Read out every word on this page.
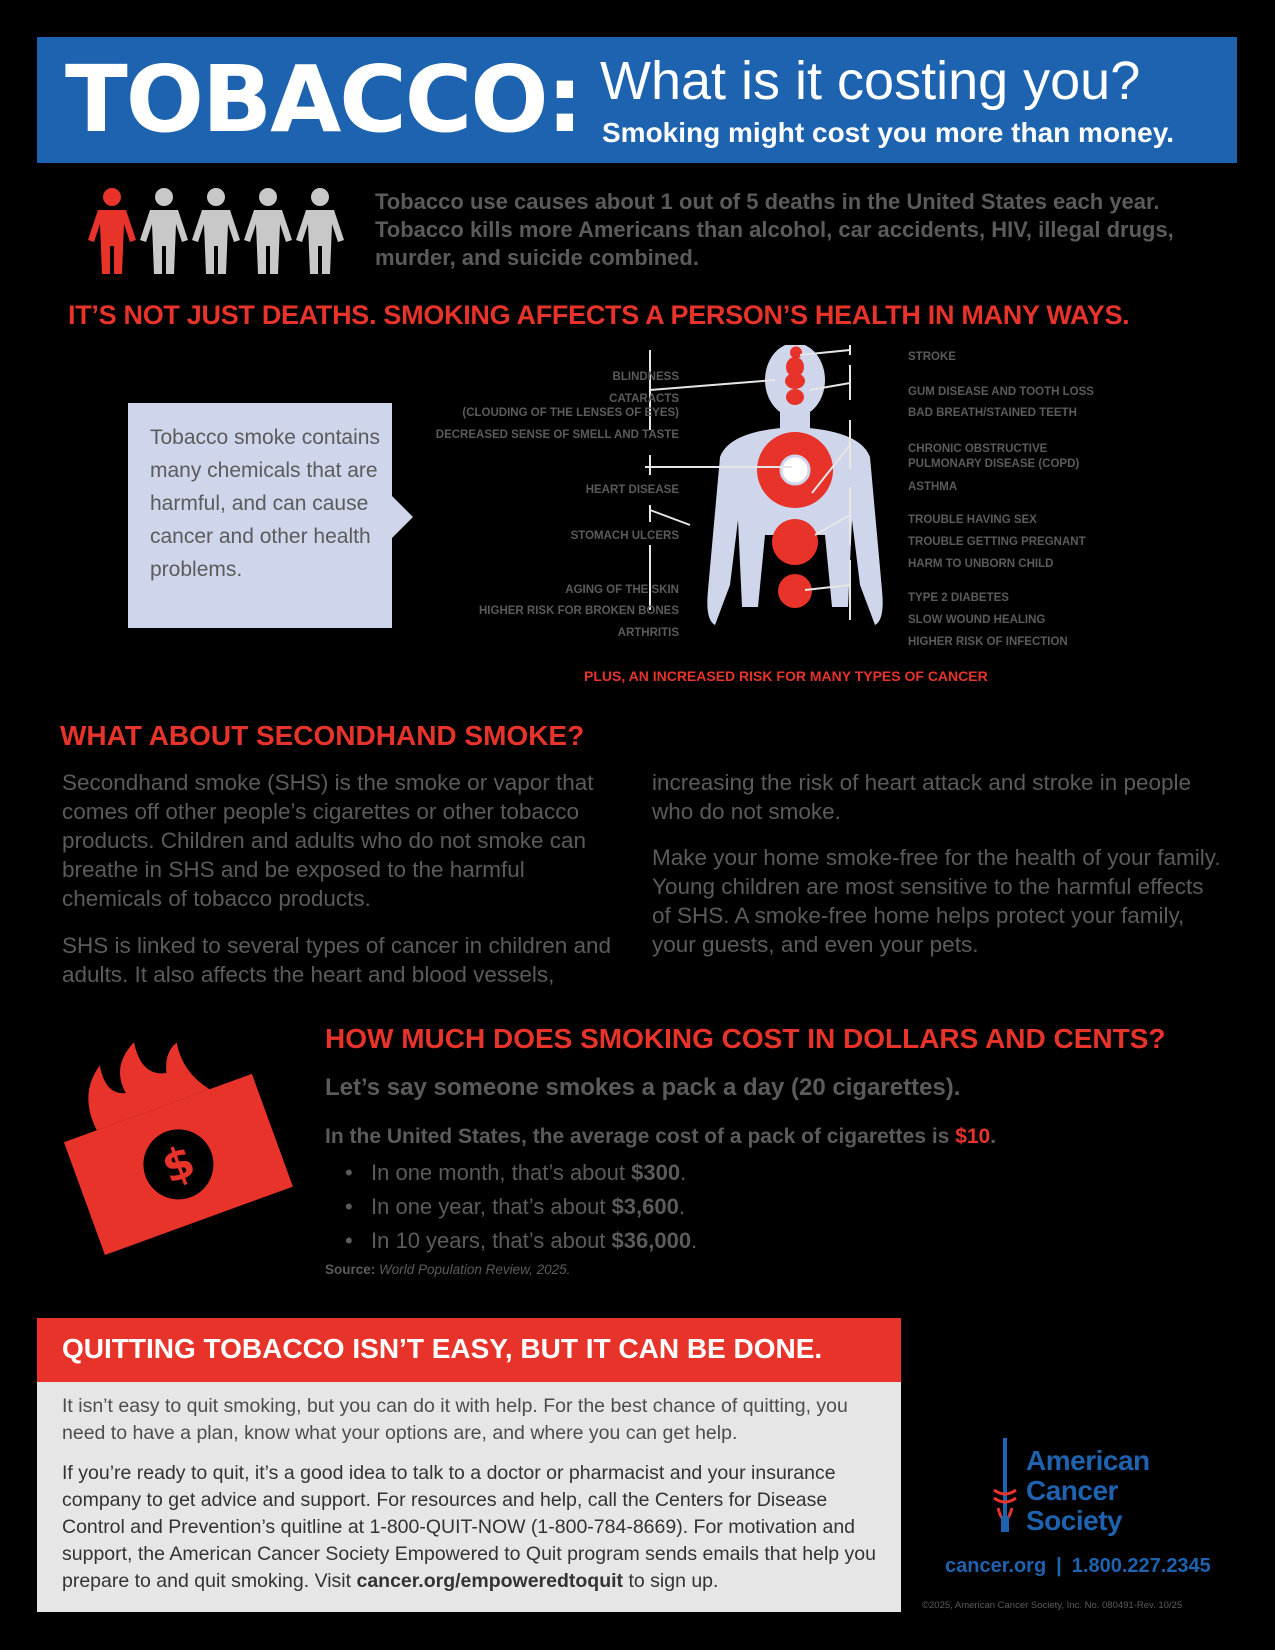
TOBACCO: What is it costing you?
Smoking might cost you more than money.
Tobacco use causes about 1 out of 5 deaths in the United States each year. Tobacco kills more Americans than alcohol, car accidents, HIV, illegal drugs, murder, and suicide combined.
IT’S NOT JUST DEATHS. SMOKING AFFECTS A PERSON’S HEALTH IN MANY WAYS.
Tobacco smoke contains many chemicals that are harmful, and can cause cancer and other health problems.
BLINDNESS
CATARACTS
(CLOUDING OF THE LENSES OF EYES)
DECREASED SENSE OF SMELL AND TASTE
HEART DISEASE
STOMACH ULCERS
AGING OF THE SKIN
HIGHER RISK FOR BROKEN BONES
ARTHRITIS
STROKE
GUM DISEASE AND TOOTH LOSS
BAD BREATH/STAINED TEETH
CHRONIC OBSTRUCTIVE
PULMONARY DISEASE (COPD)
ASTHMA
TROUBLE HAVING SEX
TROUBLE GETTING PREGNANT
HARM TO UNBORN CHILD
TYPE 2 DIABETES
SLOW WOUND HEALING
HIGHER RISK OF INFECTION
PLUS, AN INCREASED RISK FOR MANY TYPES OF CANCER
WHAT ABOUT SECONDHAND SMOKE?
Secondhand smoke (SHS) is the smoke or vapor that comes off other people’s cigarettes or other tobacco products. Children and adults who do not smoke can breathe in SHS and be exposed to the harmful chemicals of tobacco products.
SHS is linked to several types of cancer in children and adults. It also affects the heart and blood vessels,
increasing the risk of heart attack and stroke in people who do not smoke.
Make your home smoke-free for the health of your family. Young children are most sensitive to the harmful effects of SHS. A smoke-free home helps protect your family, your guests, and even your pets.
$
HOW MUCH DOES SMOKING COST IN DOLLARS AND CENTS?
Let’s say someone smokes a pack a day (20 cigarettes).
In the United States, the average cost of a pack of cigarettes is $10.
• In one month, that’s about $300.
• In one year, that’s about $3,600.
• In 10 years, that’s about $36,000.
Source: World Population Review, 2025.
QUITTING TOBACCO ISN’T EASY, BUT IT CAN BE DONE.
It isn’t easy to quit smoking, but you can do it with help. For the best chance of quitting, you need to have a plan, know what your options are, and where you can get help.
If you’re ready to quit, it’s a good idea to talk to a doctor or pharmacist and your insurance company to get advice and support. For resources and help, call the Centers for Disease Control and Prevention’s quitline at 1-800-QUIT-NOW (1-800-784-8669). For motivation and support, the American Cancer Society Empowered to Quit program sends emails that help you prepare to and quit smoking. Visit cancer.org/empoweredtoquit to sign up.
American
Cancer
Society
cancer.org | 1.800.227.2345
©2025, American Cancer Society, Inc. No. 080491-Rev. 10/25
